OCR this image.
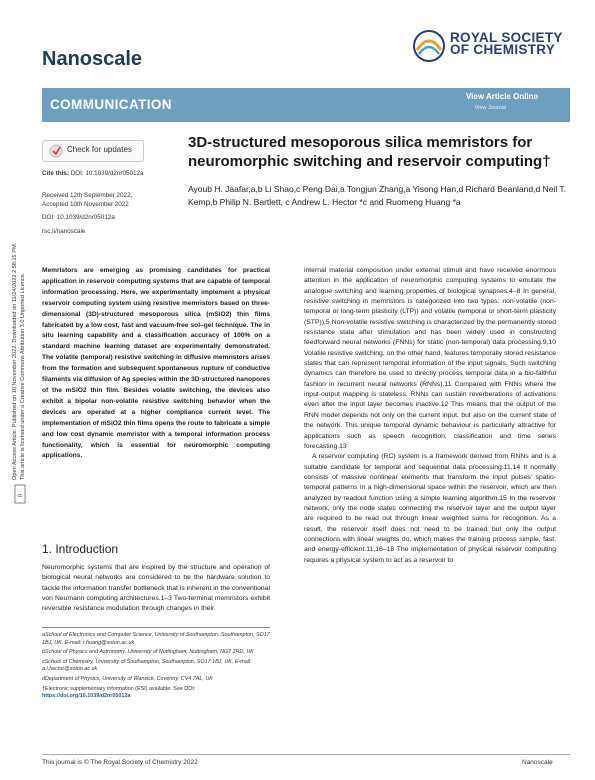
Nanoscale
ROYAL SOCIETY
OF CHEMISTRY
COMMUNICATION
View Article Online
View Journal
Check for updates	3D-structured mesoporous silica memristors for neuromorphic switching and reservoir computing†
Cite this: DOI: 10.1039/d2nr05012a
Received 12th September 2022,
Accepted 10th November 2022
DOI: 10.1039/d2nr05012a
rsc.li/nanoscale
Ayoub H. Jaafar,a,b Li Shao,c Peng Dai,a Tongjun Zhang,a Yisong Han,d Richard Beanland,d Neil T. Kemp,b Philip N. Bartlett, c Andrew L. Hector *c and Ruomeng Huang *a
Open Access Article. Published on 10 November 2022. Downloaded on 11/24/2022 2:58:15 PM. This article is licensed under a Creative Commons Attribution 3.0 Unported Licence.
cc
Memristors are emerging as promising candidates for practical application in reservoir computing systems that are capable of temporal information processing. Here, we experimentally implement a physical reservoir computing system using resistive memristors based on three-dimensional (3D)-structured mesoporous silica (mSiO2) thin films fabricated by a low cost, fast and vacuum-free sol–gel technique. The in situ learning capability and a classification accuracy of 100% on a standard machine learning dataset are experimentally demonstrated. The volatile (temporal) resistive switching in diffusive memristors arises from the formation and subsequent spontaneous rupture of conductive filaments via diffusion of Ag species within the 3D-structured nanopores of the mSiO2 thin film. Besides volatile switching, the devices also exhibit a bipolar non-volatile resistive switching behavior when the devices are operated at a higher compliance current level. The implementation of mSiO2 thin films opens the route to fabricate a simple and low cost dynamic memristor with a temporal information process functionality, which is essential for neuromorphic computing applications.
1. Introduction
Neuromorphic systems that are inspired by the structure and operation of biological neural networks are considered to be the hardware solution to tackle the information transfer bottleneck that is inherent in the conventional von Neumann computing architectures.1–3 Two-terminal memristors exhibit reversible resistance modulation through changes in their

internal material composition under external stimuli and have received enormous attention in the application of neuromorphic computing systems to emulate the analogue switching and learning properties of biological synapses.4–8 In general, resistive switching in memristors is categorized into two types: non-volatile (non-temporal or long-term plasticity (LTP)) and volatile (temporal or short-term plasticity (STP)).5 Non-volatile resistive switching is characterized by the permanently stored resistance state after stimulation and has been widely used in constructing feedforward neural networks (FNNs) for static (non-temporal) data processing.9,10 Volatile resistive switching, on the other hand, features temporally stored resistance states that can represent temporal information of the input signals. Such switching dynamics can therefore be used to directly process temporal data in a bio-faithful fashion in recurrent neural networks (RNNs).11 Compared with FNNs where the input-output mapping is stateless, RNNs can sustain reverberations of activations even after the input layer becomes inactive.12 This means that the output of the RNN model depends not only on the current input, but also on the current state of the network. This unique temporal dynamic behaviour is particularly attractive for applications such as speech recognition, classification and time series forecasting.13

A reservoir computing (RC) system is a framework derived from RNNs and is a suitable candidate for temporal and sequential data processing.11,14 It normally consists of massive nonlinear elements that transform the input pulses' spatio-temporal patterns in a high-dimensional space within the reservoir, which are then analyzed by readout function using a simple learning algorithm.15 In the reservoir network, only the node states connecting the reservoir layer and the output layer are required to be read out through linear weighted sums for recognition. As a result, the reservoir itself does not need to be trained but only the output connections with linear weights do, which makes the training process simple, fast, and energy-efficient.11,16–18 The implementation of physical reservoir computing requires a physical system to act as a reservoir to

aSchool of Electronics and Computer Science, University of Southampton, Southampton, SO17 1BJ, UK. E-mail: r.huang@soton.ac.uk
bSchool of Physics and Astronomy, University of Nottingham, Nottingham, NG7 2RD, UK
cSchool of Chemistry, University of Southampton, Southampton, SO17 1BJ, UK. E-mail: a.l.hector@soton.ac.uk
dDepartment of Physics, University of Warwick, Coventry, CV4 7AL, UK
†Electronic supplementary information (ESI) available. See DOI: https://doi.org/10.1039/d2nr05012a
This journal is © The Royal Society of Chemistry 2022	Nanoscale
